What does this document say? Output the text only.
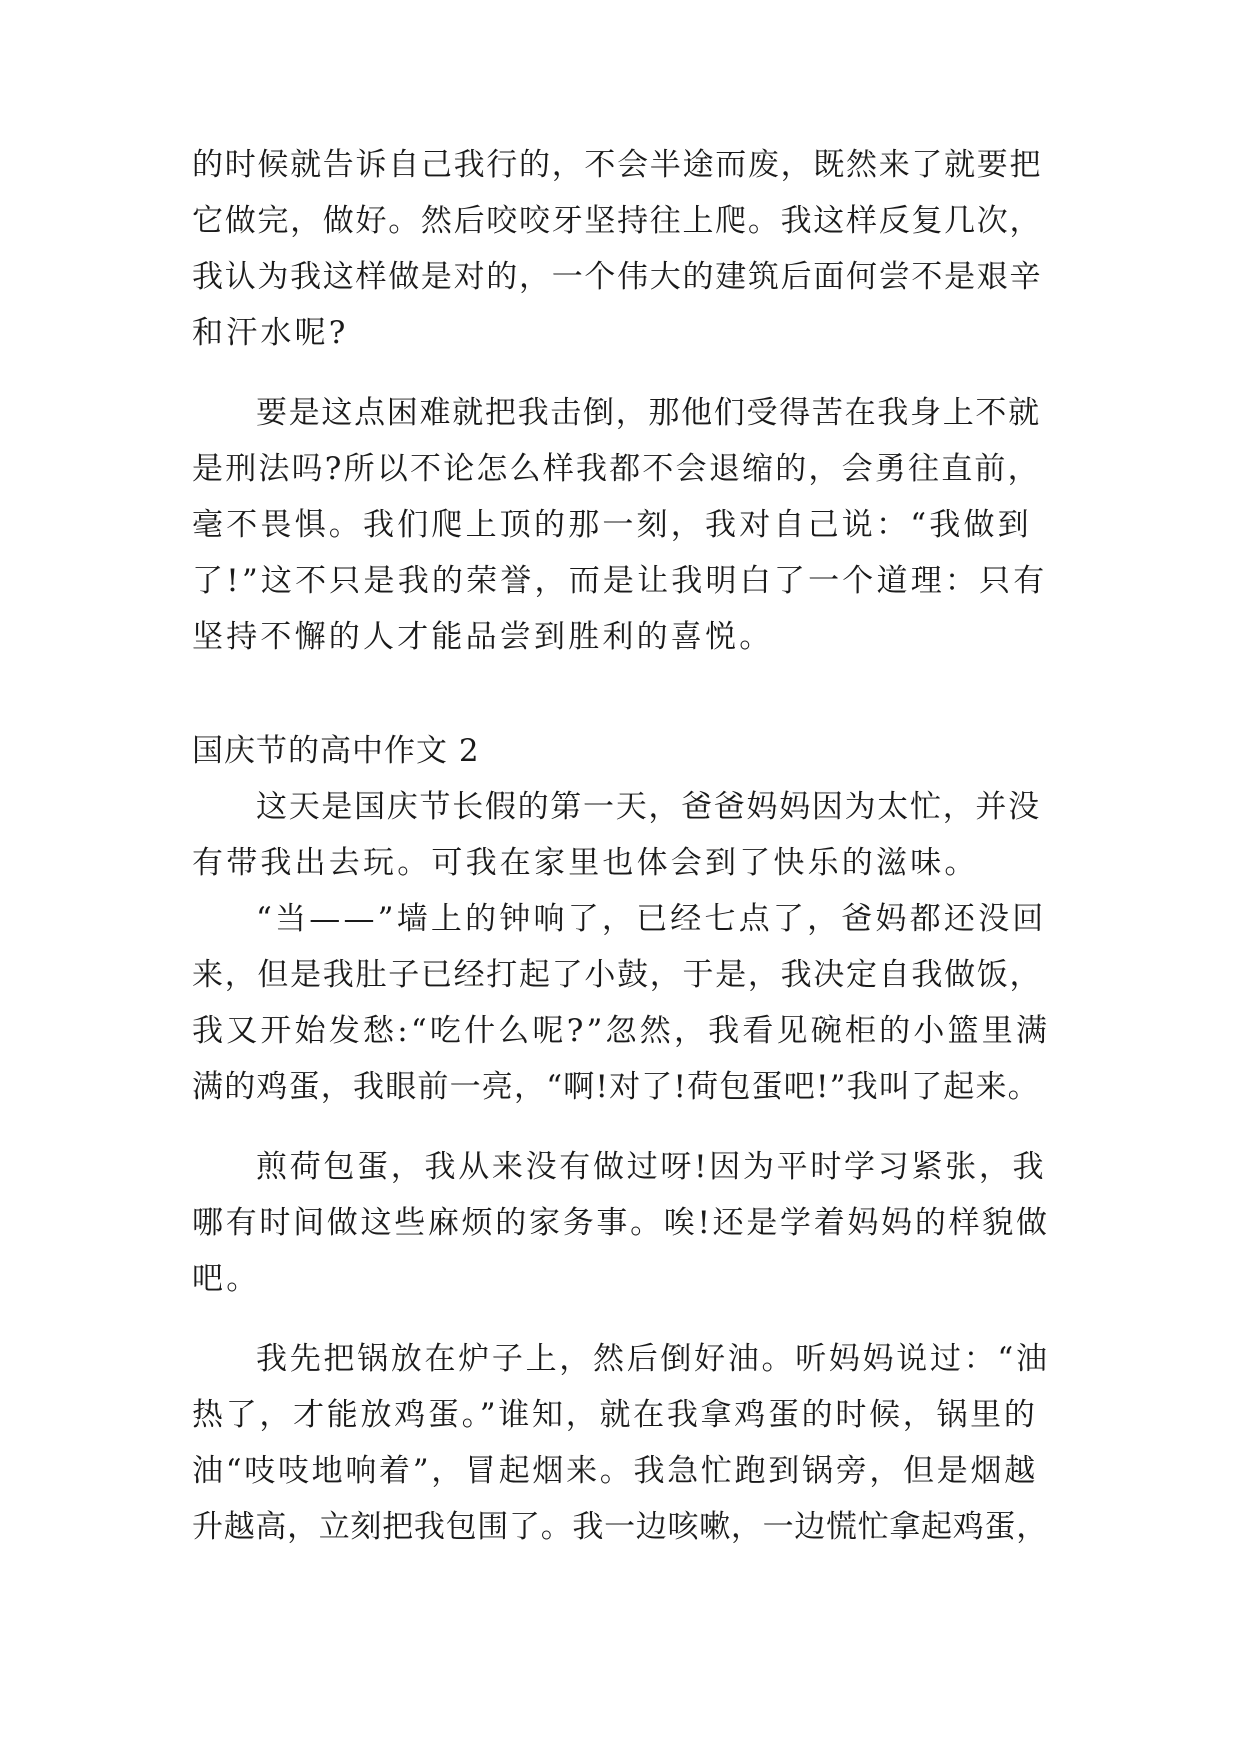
的时候就告诉自己我行的，不会半途而废，既然来了就要把
它做完，做好。然后咬咬牙坚持往上爬。我这样反复几次，
我认为我这样做是对的，一个伟大的建筑后面何尝不是艰辛
和汗水呢?
要是这点困难就把我击倒，那他们受得苦在我身上不就
是刑法吗?所以不论怎么样我都不会退缩的，会勇往直前，
毫不畏惧。我们爬上顶的那一刻，我对自己说：“我做到
了!”这不只是我的荣誉，而是让我明白了一个道理：只有
坚持不懈的人才能品尝到胜利的喜悦。
国庆节的高中作文 2
这天是国庆节长假的第一天，爸爸妈妈因为太忙，并没
有带我出去玩。可我在家里也体会到了快乐的滋味。
“当——”墙上的钟响了，已经七点了，爸妈都还没回
来，但是我肚子已经打起了小鼓，于是，我决定自我做饭，
我又开始发愁:“吃什么呢?”忽然，我看见碗柜的小篮里满
满的鸡蛋，我眼前一亮，“啊!对了!荷包蛋吧!”我叫了起来。
煎荷包蛋，我从来没有做过呀!因为平时学习紧张，我
哪有时间做这些麻烦的家务事。唉!还是学着妈妈的样貌做
吧。
我先把锅放在炉子上，然后倒好油。听妈妈说过：“油
热了，才能放鸡蛋。”谁知，就在我拿鸡蛋的时候，锅里的
油“吱吱地响着”，冒起烟来。我急忙跑到锅旁，但是烟越
升越高，立刻把我包围了。我一边咳嗽，一边慌忙拿起鸡蛋，
